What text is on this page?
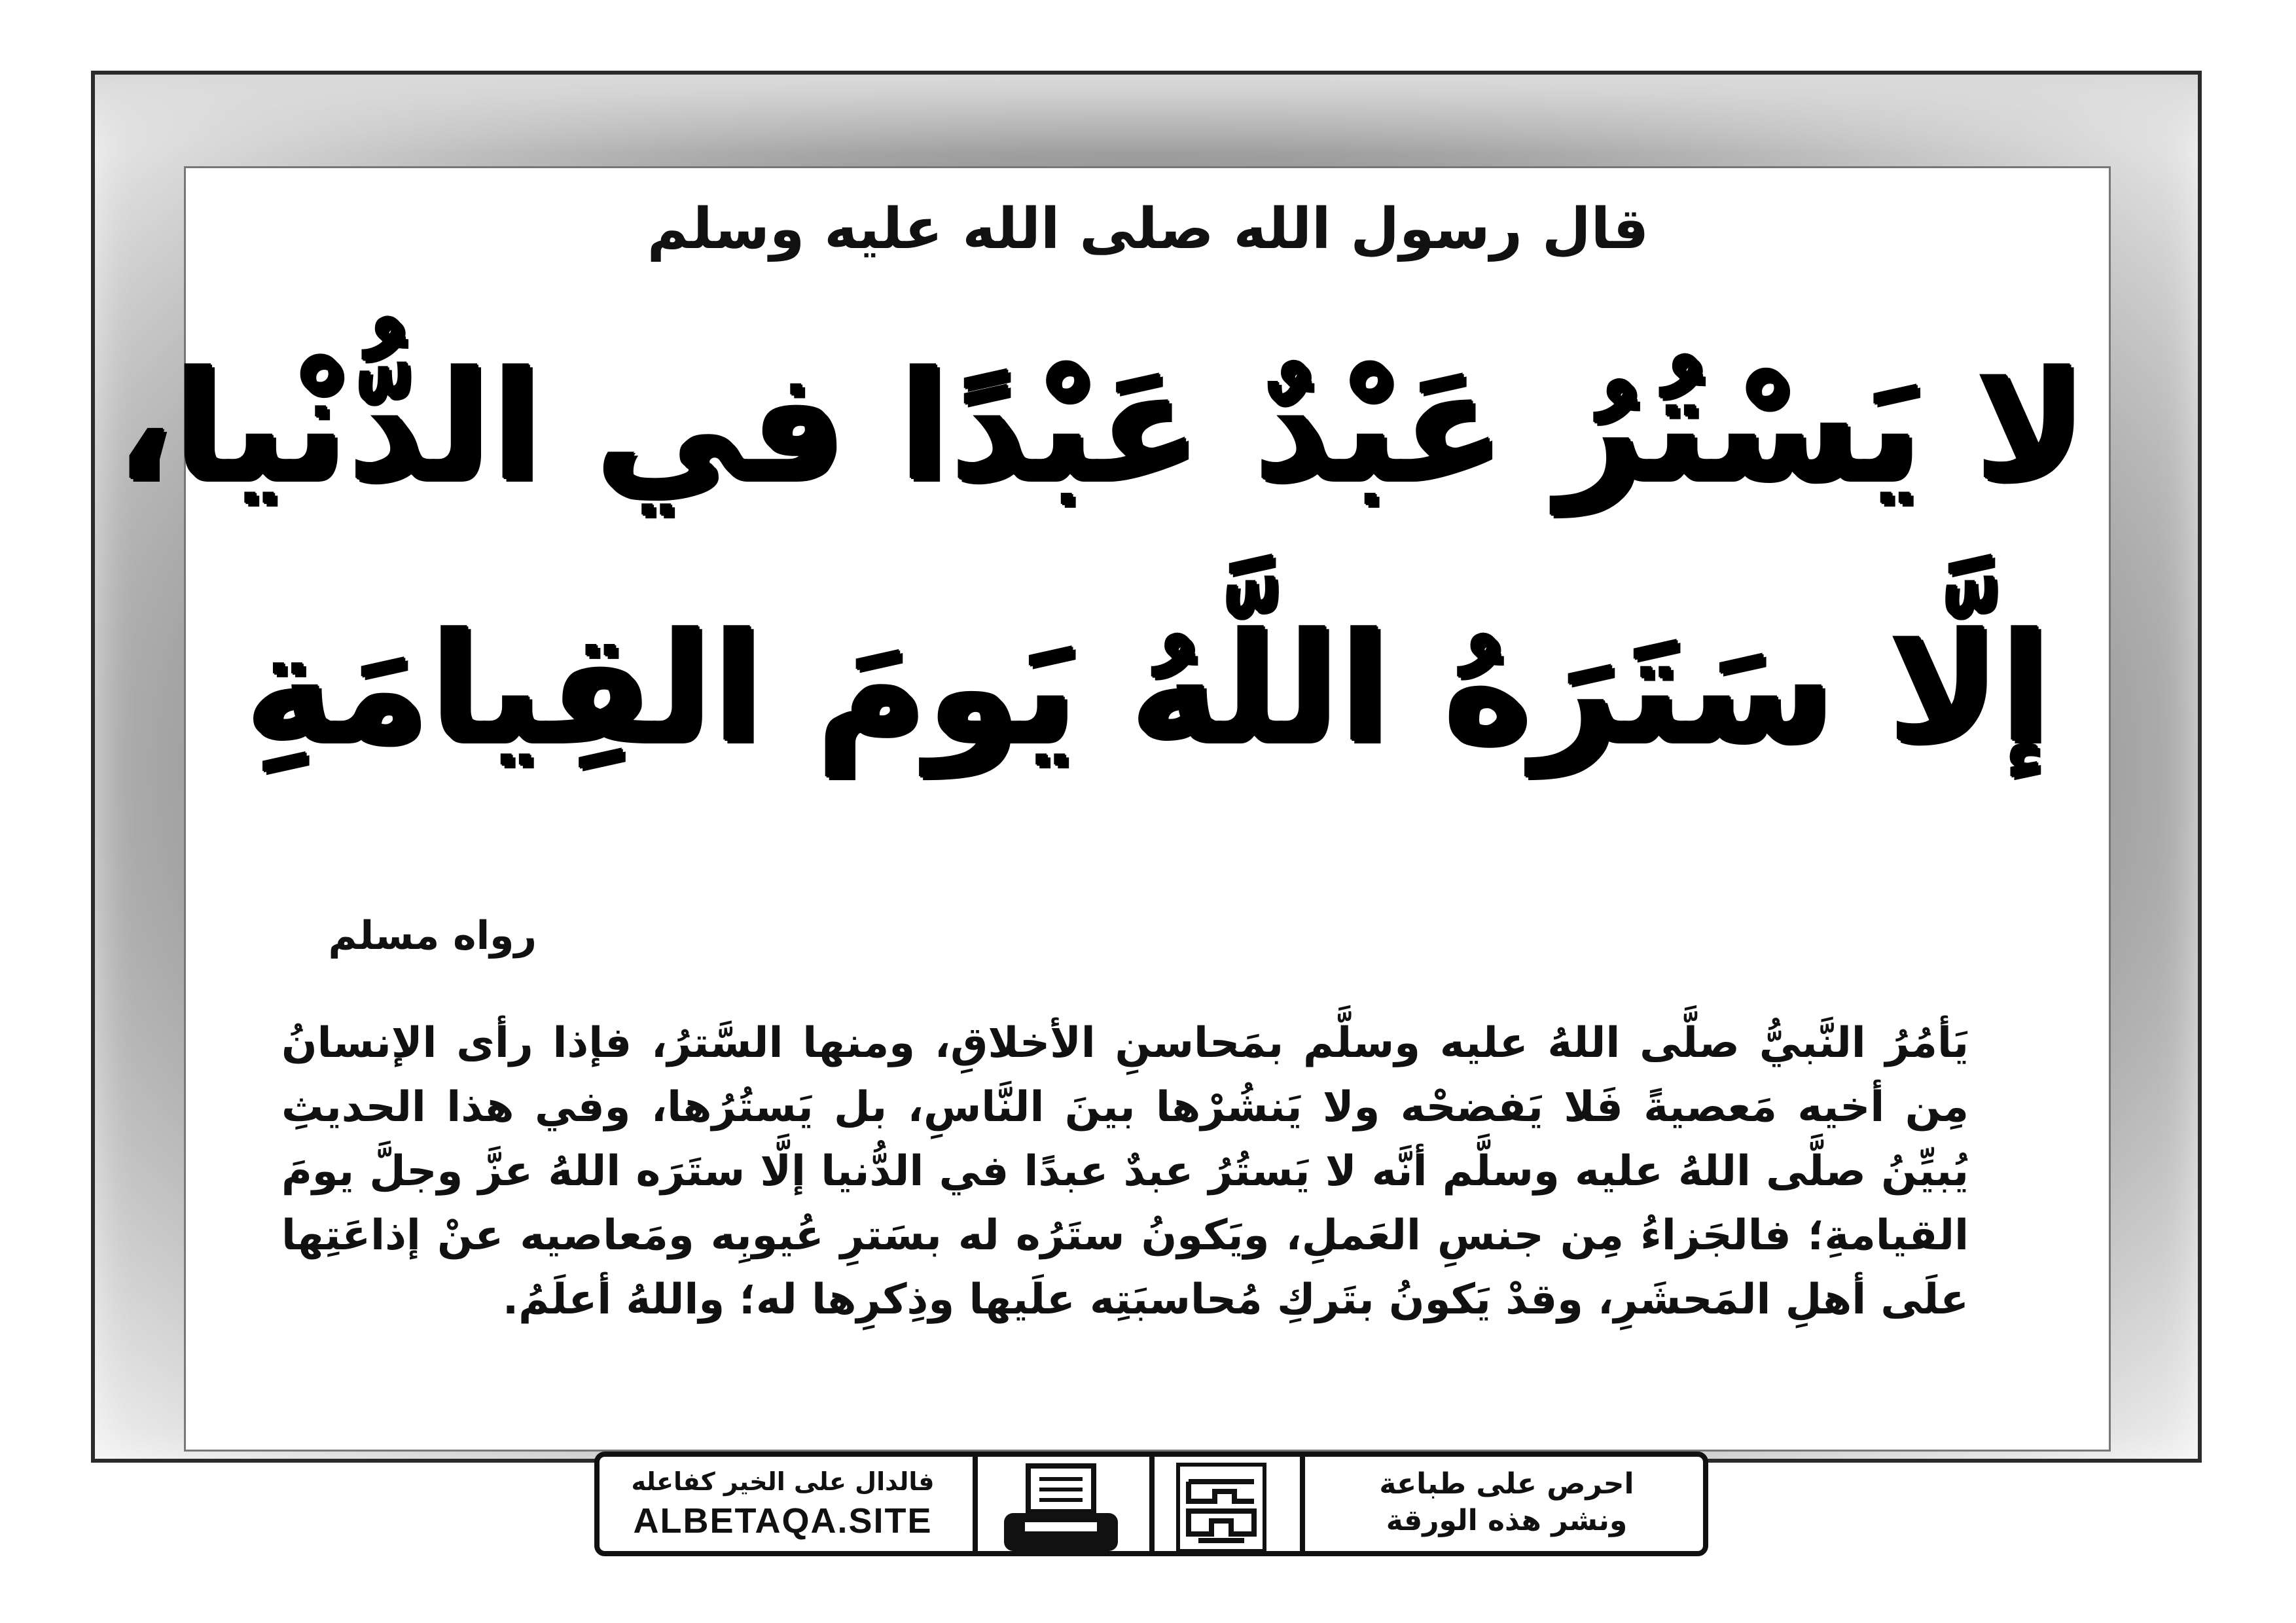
قال رسول الله صلى الله عليه وسلم
لا يَسْتُرُ عَبْدٌ عَبْدًا في الدُّنْيا،
إلَّا سَتَرَهُ اللَّهُ يَومَ القِيامَةِ
رواه مسلم
يَأمُرُ النَّبيُّ صلَّى اللهُ عليه وسلَّم بمَحاسنِ الأخلاقِ، ومنها السَّترُ، فإذا رأى الإنسانُ مِن أخيه مَعصيةً فَلا يَفضحْه ولا يَنشُرْها بينَ النَّاسِ، بل يَستُرُها، وفي هذا الحديثِ يُبيِّنُ صلَّى اللهُ عليه وسلَّم أنَّه لا يَستُرُ عبدٌ عبدًا في الدُّنيا إلَّا ستَرَه اللهُ عزَّ وجلَّ يومَ القيامةِ؛ فالجَزاءُ مِن جنسِ العَملِ، ويَكونُ ستَرُه له بسَترِ عُيوبِه ومَعاصيه عنْ إذاعَتِها علَى أهلِ المَحشَرِ، وقدْ يَكونُ بتَركِ مُحاسبَتِه علَيها وذِكرِها له؛ واللهُ أعلَمُ.
فالدال على الخير كفاعله
ALBETAQA.SITE
احرص على طباعة
ونشر هذه الورقة
